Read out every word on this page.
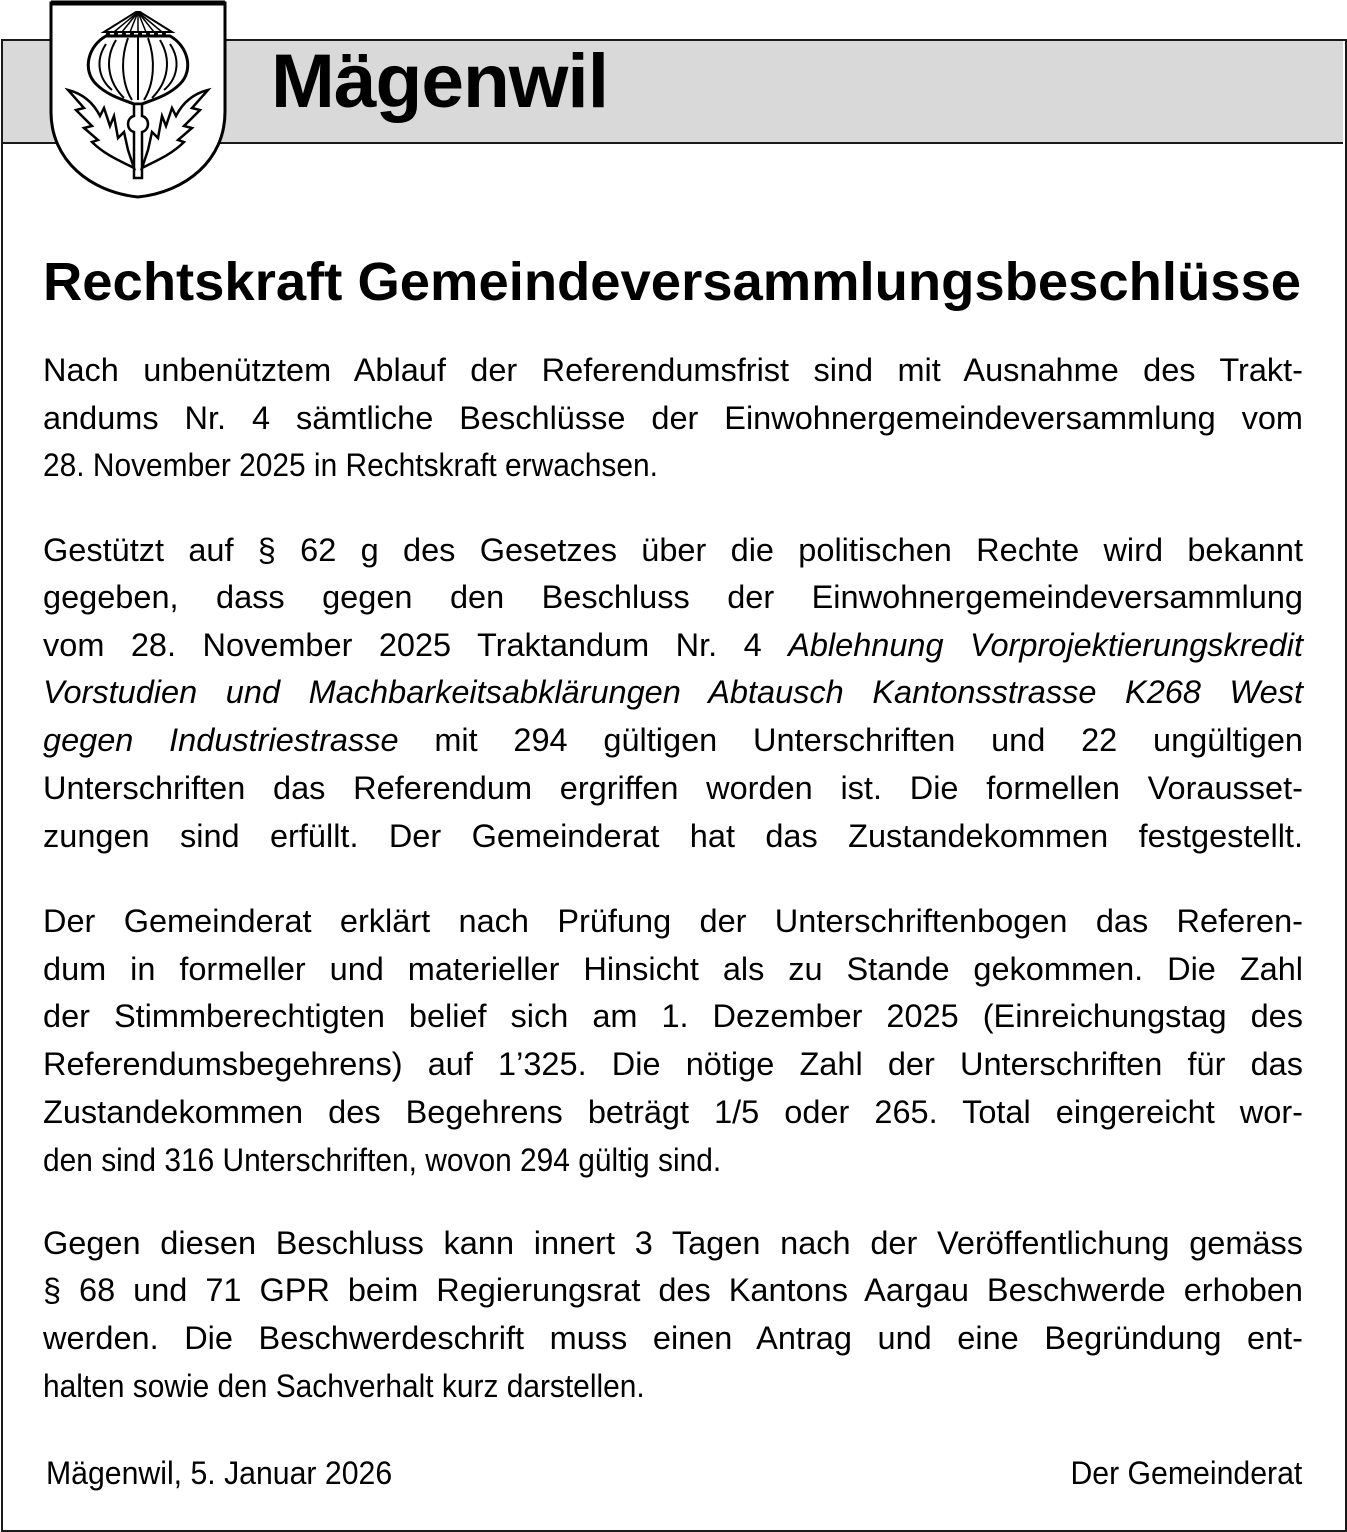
Mägenwil
Rechtskraft Gemeindeversammlungsbeschlüsse
Nach unbenütztem Ablauf der Referendumsfrist sind mit Ausnahme des Trakt-
andums Nr. 4 sämtliche Beschlüsse der Einwohnergemeindeversammlung vom
28. November 2025 in Rechtskraft erwachsen.
Gestützt auf § 62 g des Gesetzes über die politischen Rechte wird bekannt
gegeben, dass gegen den Beschluss der Einwohnergemeindeversammlung
vom 28. November 2025 Traktandum Nr. 4 Ablehnung Vorprojektierungskredit
Vorstudien und Machbarkeitsabklärungen Abtausch Kantonsstrasse K268 West
gegen Industriestrasse mit 294 gültigen Unterschriften und 22 ungültigen
Unterschriften das Referendum ergriffen worden ist. Die formellen Vorausset-
zungen sind erfüllt. Der Gemeinderat hat das Zustandekommen festgestellt.
Der Gemeinderat erklärt nach Prüfung der Unterschriftenbogen das Referen-
dum in formeller und materieller Hinsicht als zu Stande gekommen. Die Zahl
der Stimmberechtigten belief sich am 1. Dezember 2025 (Einreichungstag des
Referendumsbegehrens) auf 1’325. Die nötige Zahl der Unterschriften für das
Zustandekommen des Begehrens beträgt 1/5 oder 265. Total eingereicht wor-
den sind 316 Unterschriften, wovon 294 gültig sind.
Gegen diesen Beschluss kann innert 3 Tagen nach der Veröffentlichung gemäss
§ 68 und 71 GPR beim Regierungsrat des Kantons Aargau Beschwerde erhoben
werden. Die Beschwerdeschrift muss einen Antrag und eine Begründung ent-
halten sowie den Sachverhalt kurz darstellen.
Mägenwil, 5. Januar 2026	Der Gemeinderat
